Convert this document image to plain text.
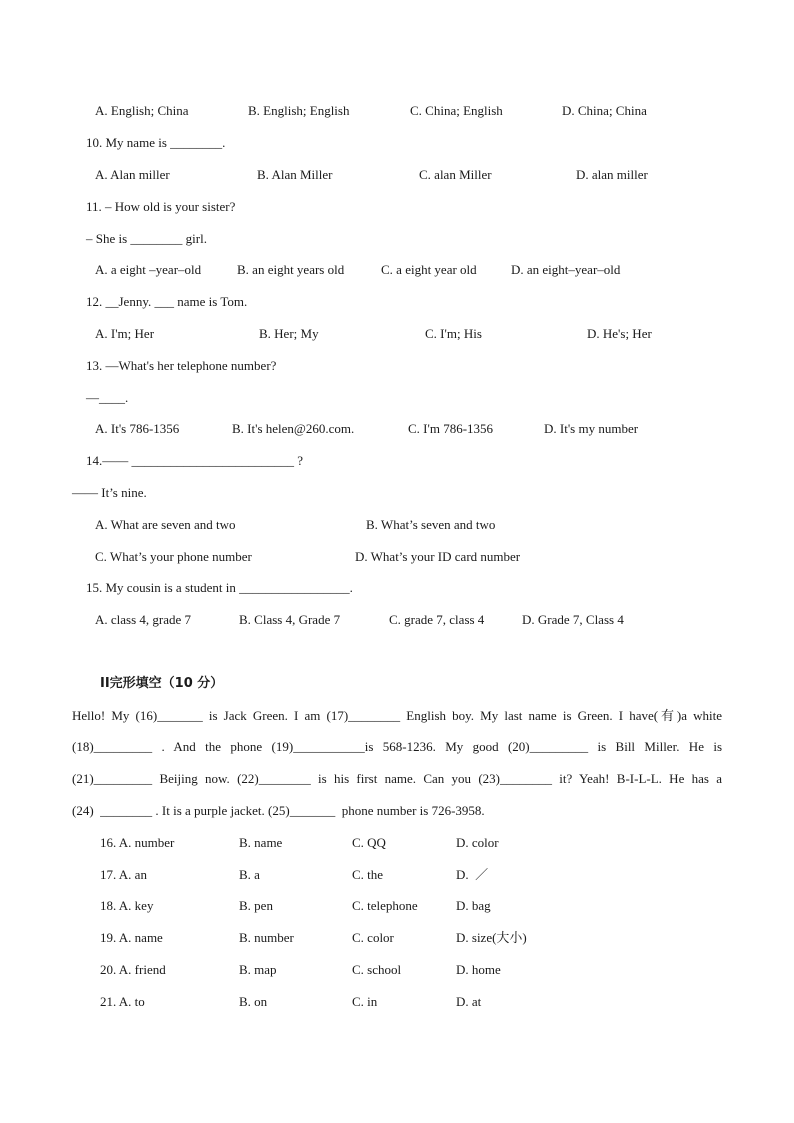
A. English; China	B. English; English	C. China; English	D. China; China
10. My name is ________.
A. Alan miller	B. Alan Miller	C. alan Miller	D. alan miller
11. – How old is your sister?
– She is ________ girl.
A. a eight –year–old	B. an eight years old	C. a eight year old	D. an eight–year–old
12. __Jenny. ___ name is Tom.
A. I'm; Her	B. Her; My	C. I'm; His	D. He's; Her
13. —What's her telephone number?
—____.
A. It's 786-1356	B. It's helen@260.com.	C. I'm 786-1356	D. It's my number
14.—— _________________________ ?
—— It’s nine.
A. What are seven and two	B. What’s seven and two
C. What’s your phone number	D. What’s your ID card number
15. My cousin is a student in _________________.
A. class 4, grade 7	B. Class 4, Grade 7	C. grade 7, class 4	D. Grade 7, Class 4
II完形填空（10 分）
Hello! My (16)_______ is Jack Green. I am (17)________ English boy. My last name is Green. I have(有)a white
(18)_________ . And the phone (19)___________is 568-1236. My good (20)_________ is Bill Miller. He is
(21)_________ Beijing now. (22)________ is his first name. Can you (23)________ it? Yeah! B-I-L-L. He has a
(24)  ________ . It is a purple jacket. (25)_______  phone number is 726-3958.
16. A. number	B. name	C. QQ	D. color
17. A. an	B. a	C. the	D.  ／
18. A. key	B. pen	C. telephone	D. bag
19. A. name	B. number	C. color	D. size(大小)
20. A. friend	B. map	C. school	D. home
21. A. to	B. on	C. in	D. at
